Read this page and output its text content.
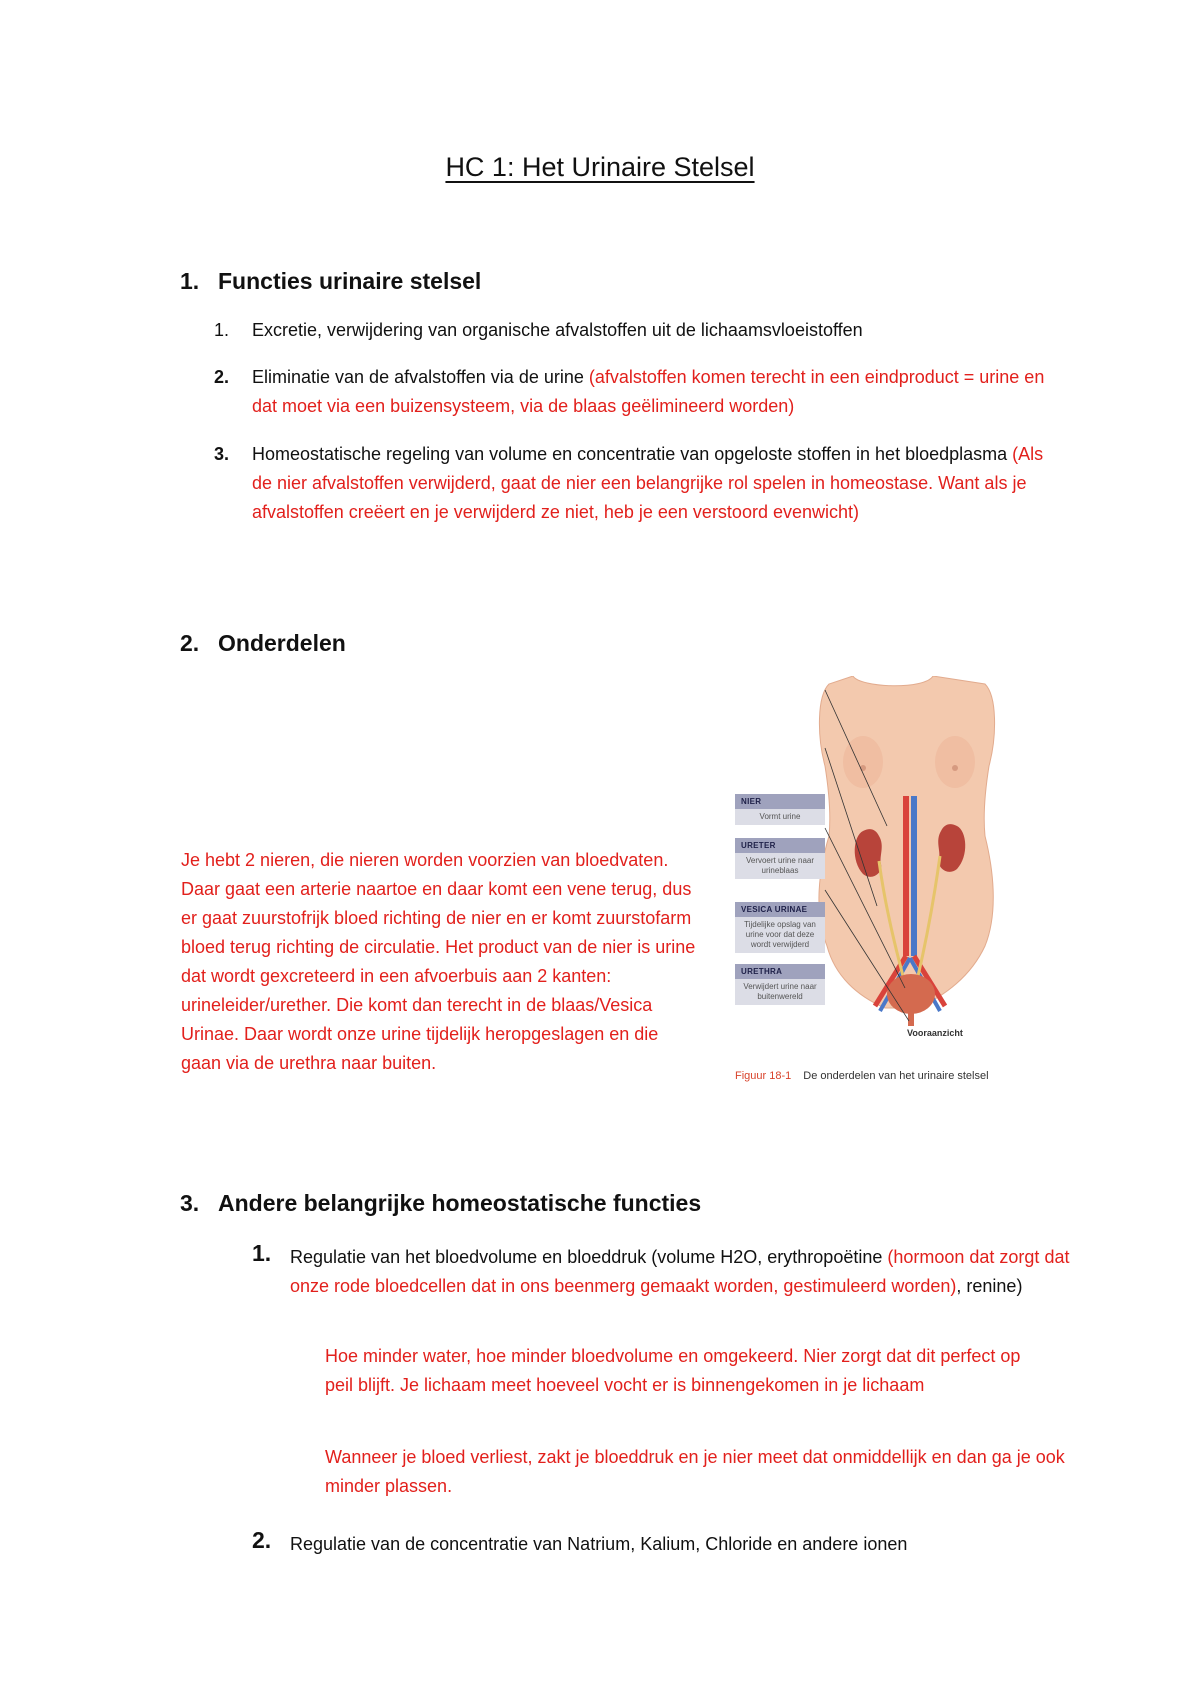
HC 1: Het Urinaire Stelsel
1. Functies urinaire stelsel
1. Excretie, verwijdering van organische afvalstoffen uit de lichaamsvloeistoffen
2. Eliminatie van de afvalstoffen via de urine (afvalstoffen komen terecht in een eindproduct = urine en dat moet via een buizensysteem, via de blaas geëlimineerd worden)
3. Homeostatische regeling van volume en concentratie van opgeloste stoffen in het bloedplasma (Als de nier afvalstoffen verwijderd, gaat de nier een belangrijke rol spelen in homeostase. Want als je afvalstoffen creëert en je verwijderd ze niet, heb je een verstoord evenwicht)
2. Onderdelen
Je hebt 2 nieren, die nieren worden voorzien van bloedvaten. Daar gaat een arterie naartoe en daar komt een vene terug, dus er gaat zuurstofrijk bloed richting de nier en er komt zuurstofarm bloed terug richting de circulatie. Het product van de nier is urine dat wordt gexcreteerd in een afvoerbuis aan 2 kanten: urineleider/urether. Die komt dan terecht in de blaas/Vesica Urinae. Daar wordt onze urine tijdelijk heropgeslagen en die gaan via de urethra naar buiten.
NIER
Vormt urine
URETER
Vervoert urine naar urineblaas
VESICA URINAE
Tijdelijke opslag van urine voor dat deze wordt verwijderd
URETHRA
Verwijdert urine naar buitenwereld
Vooraanzicht
Figuur 18-1 De onderdelen van het urinaire stelsel
3. Andere belangrijke homeostatische functies
1. Regulatie van het bloedvolume en bloeddruk (volume H2O, erythropoëtine (hormoon dat zorgt dat onze rode bloedcellen dat in ons beenmerg gemaakt worden, gestimuleerd worden), renine)
Hoe minder water, hoe minder bloedvolume en omgekeerd. Nier zorgt dat dit perfect op peil blijft. Je lichaam meet hoeveel vocht er is binnengekomen in je lichaam
Wanneer je bloed verliest, zakt je bloeddruk en je nier meet dat onmiddellijk en dan ga je ook minder plassen.
2. Regulatie van de concentratie van Natrium, Kalium, Chloride en andere ionen
